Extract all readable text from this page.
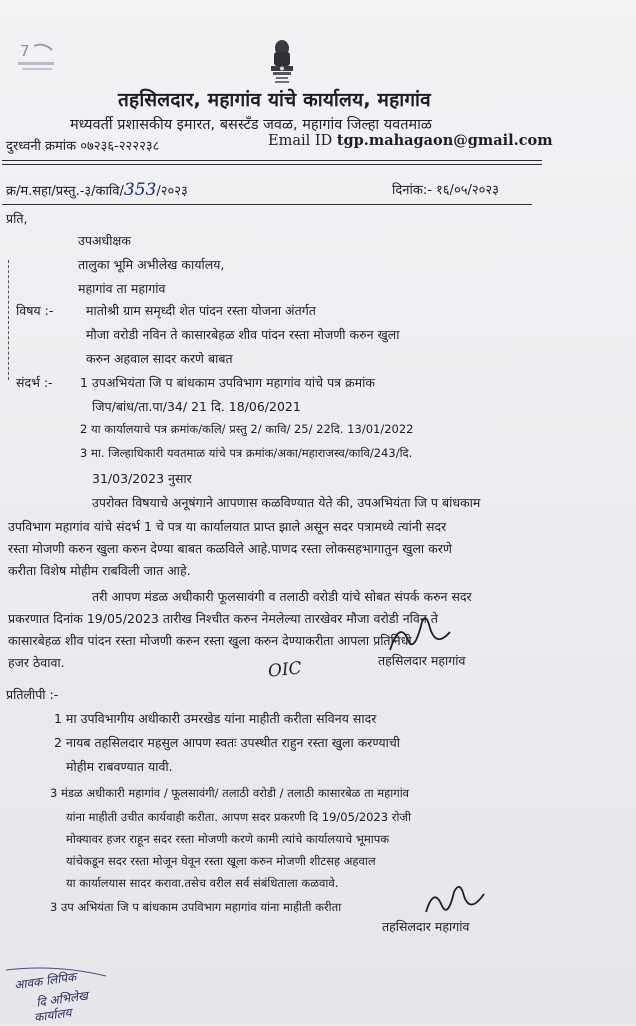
7
तहसिलदार, महागांव यांचे कार्यालय, महागांव
मध्यवर्ती प्रशासकीय इमारत, बसस्टँड जवळ, महागांव जिल्हा यवतमाळ
दुरध्वनी क्रमांक ०७२३६-२२२२३८	Email ID tgp.mahagaon@gmail.com
क्र/म.सहा/प्रस्तु.-३/कावि/353/२०२३	दिनांक:- १६/०५/२०२३
प्रति,
उपअधीक्षक
तालुका भूमि अभीलेख कार्यालय,
महागांव ता महागांव
विषय :-	मातोश्री ग्राम समृध्दी शेत पांदन रस्ता योजना अंतर्गत
मौजा वरोडी नविन ते कासारबेहळ शीव पांदन रस्ता मोजणी करुन खुला
करुन अहवाल सादर करणे बाबत
संदर्भ :- 1 उपअभियंता जि प बांधकाम उपविभाग महागांव यांचे पत्र क्रमांक
जिप/बांध/ता.पा/34/ 21 दि. 18/06/2021
2 या कार्यालयाचे पत्र क्रमांक/कलि/ प्रस्तु 2/ कावि/ 25/ 22दि. 13/01/2022
3 मा. जिल्हाधिकारी यवतमाळ यांचे पत्र क्रमांक/अका/महाराजस्व/कावि/243/दि.
31/03/2023 नुसार
उपरोक्त विषयाचे अनूषंगाने आपणास कळविण्यात येते की, उपअभियंता जि प बांधकाम
उपविभाग महागांव यांचे संदर्भ 1 चे पत्र या कार्यालयात प्राप्त झाले असून सदर पत्रामध्ये त्यांनी सदर
रस्ता मोजणी करुन खुला करुन देण्या बाबत कळविले आहे.पाणद रस्ता लोकसहभागातुन खुला करणे
करीता विशेष मोहीम राबविली जात आहे.
तरी आपण मंडळ अधीकारी फूलसावंगी व तलाठी वरोडी यांचे सोबत संपर्क करुन सदर
प्रकरणात दिनांक 19/05/2023 तारीख निश्चीत करुन नेमलेल्या तारखेवर मौजा वरोडी नविन ते
कासारबेहळ शीव पांदन रस्ता मोजणी करुन रस्ता खुला करुन देण्याकरीता आपला प्रतिनिधी
हजर ठेवावा.	OIC	तहसिलदार महागांव
प्रतिलीपी :-
1 मा उपविभागीय अधीकारी उमरखेड यांना माहीती करीता सविनय सादर
2 नायब तहसिलदार महसुल आपण स्वतः उपस्थीत राहुन रस्ता खुला करण्याची
मोहीम राबवण्यात यावी.
3 मंडळ अधीकारी महागांव / फूलसावंगी/ तलाठी वरोडी / तलाठी कासारबेळ ता महागांव
यांना माहीती उचीत कार्यवाही करीता. आपण सदर प्रकरणी दि 19/05/2023 रोजी
मोक्यावर हजर राहून सदर रस्ता मोजणी करणे कामी त्यांचे कार्यालयाचे भूमापक
यांचेकडून सदर रस्ता मोजून घेवून रस्ता खूला करुन मोजणी शीटसह अहवाल
या कार्यालयास सादर करावा.तसेच वरील सर्व संबंधिताला कळवावे.
3 उप अभियंता जि प बांधकाम उपविभाग महागांव यांना माहीती करीता
तहसिलदार महागांव
आवक लिपिक
दि अभिलेख
कार्यालय
